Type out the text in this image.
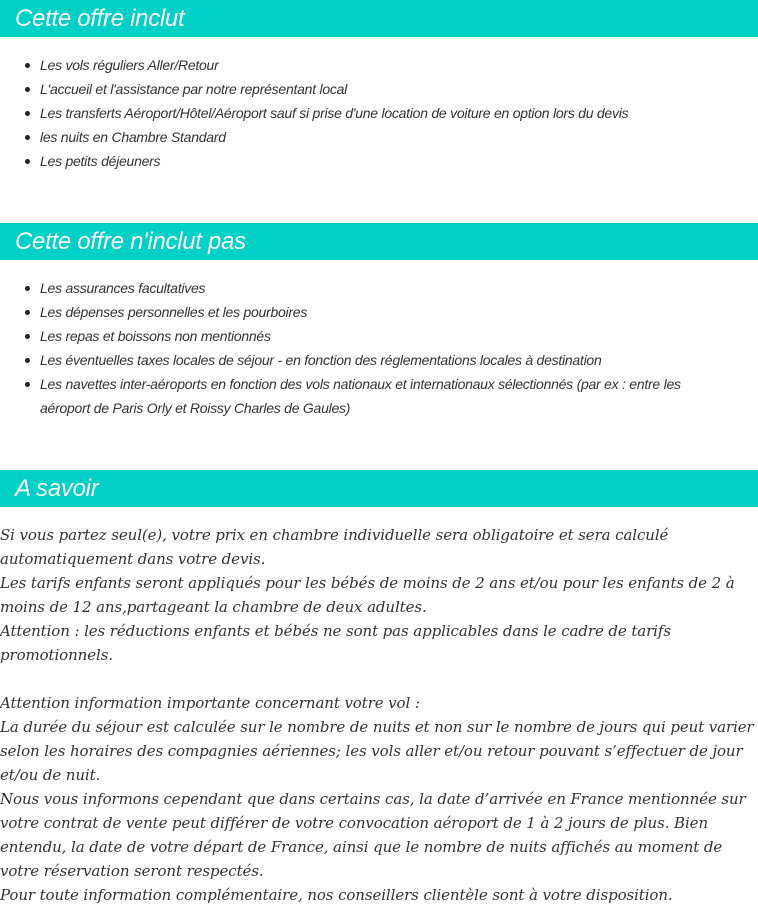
Cette offre inclut
Les vols réguliers Aller/Retour
L'accueil et l'assistance par notre représentant local
Les transferts Aéroport/Hôtel/Aéroport sauf si prise d'une location de voiture en option lors du devis
les nuits en Chambre Standard
Les petits déjeuners
Cette offre n'inclut pas
Les assurances facultatives
Les dépenses personnelles et les pourboires
Les repas et boissons non mentionnés
Les éventuelles taxes locales de séjour - en fonction des réglementations locales à destination
Les navettes inter-aéroports en fonction des vols nationaux et internationaux sélectionnés (par ex : entre les aéroport de Paris Orly et Roissy Charles de Gaules)
A savoir

Si vous partez seul(e), votre prix en chambre individuelle sera obligatoire et sera calculé automatiquement dans votre devis.

Les tarifs enfants seront appliqués pour les bébés de moins de 2 ans et/ou pour les enfants de 2 à moins de 12 ans,partageant la chambre de deux adultes.

Attention : les réductions enfants et bébés ne sont pas applicables dans le cadre de tarifs promotionnels.

Attention information importante concernant votre vol :

La durée du séjour est calculée sur le nombre de nuits et non sur le nombre de jours qui peut varier selon les horaires des compagnies aériennes; les vols aller et/ou retour pouvant s’effectuer de jour et/ou de nuit.

Nous vous informons cependant que dans certains cas, la date d’arrivée en France mentionnée sur votre contrat de vente peut différer de votre convocation aéroport de 1 à 2 jours de plus. Bien entendu, la date de votre départ de France, ainsi que le nombre de nuits affichés au moment de votre réservation seront respectés.

Pour toute information complémentaire, nos conseillers clientèle sont à votre disposition.
